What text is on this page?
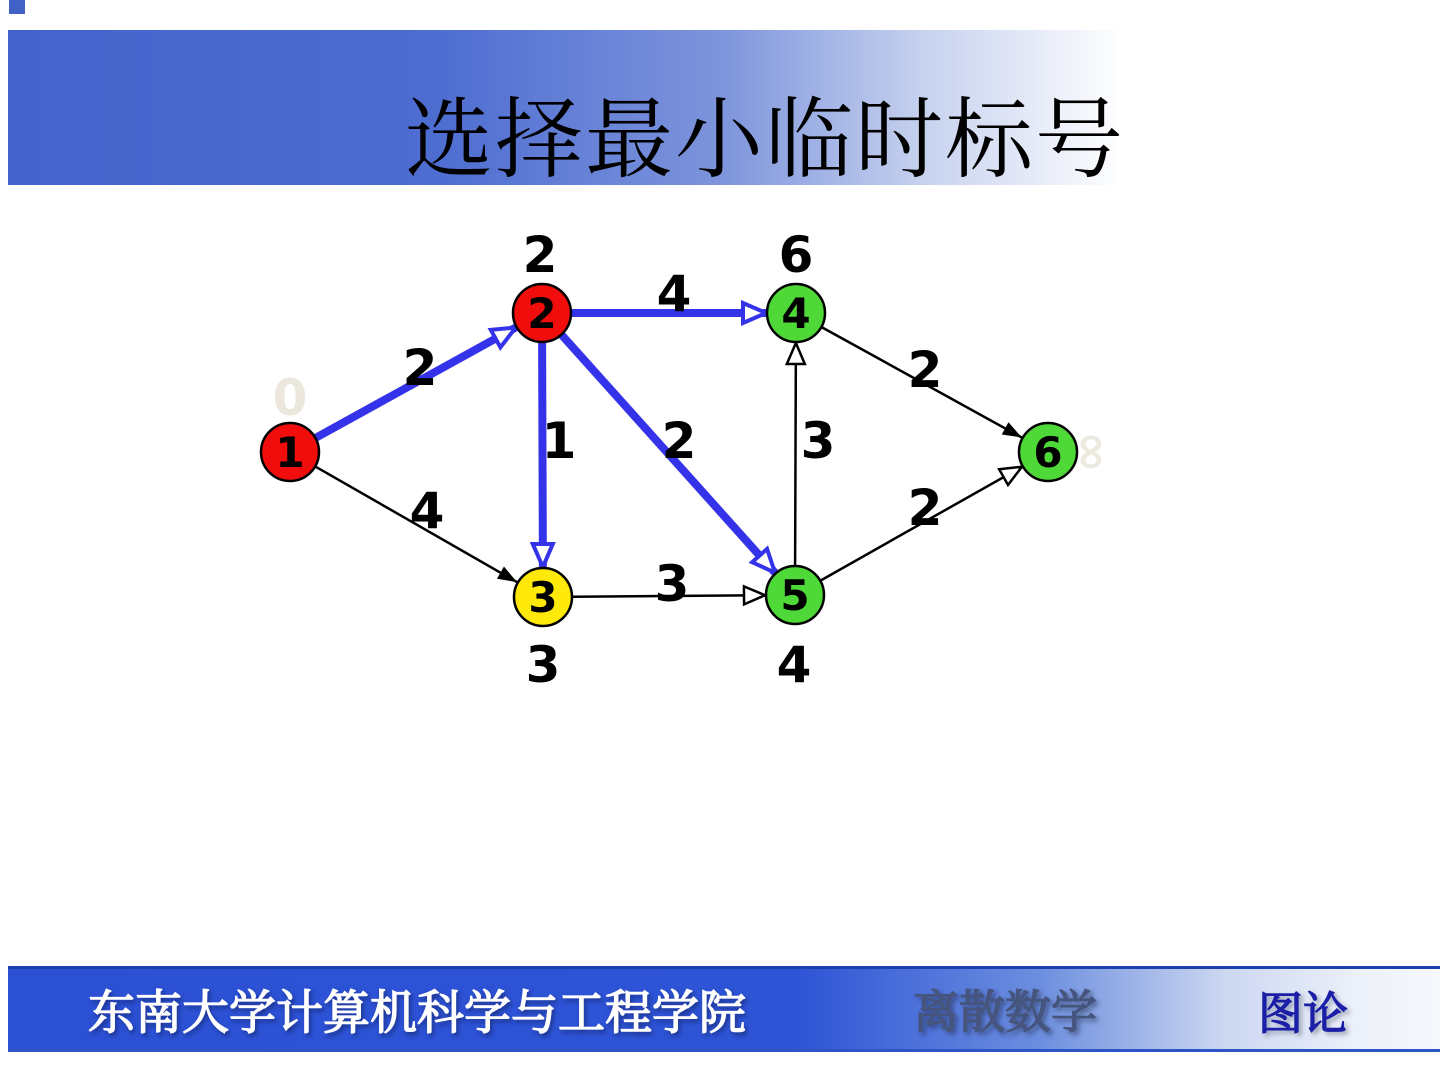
选择最小临时标号
4
3
3
2
2
2
4
1 2
1
2
3
4
5
6
2	6
3	4
0
∞
东南大学计算机科学与工程学院	离散数学	图论
